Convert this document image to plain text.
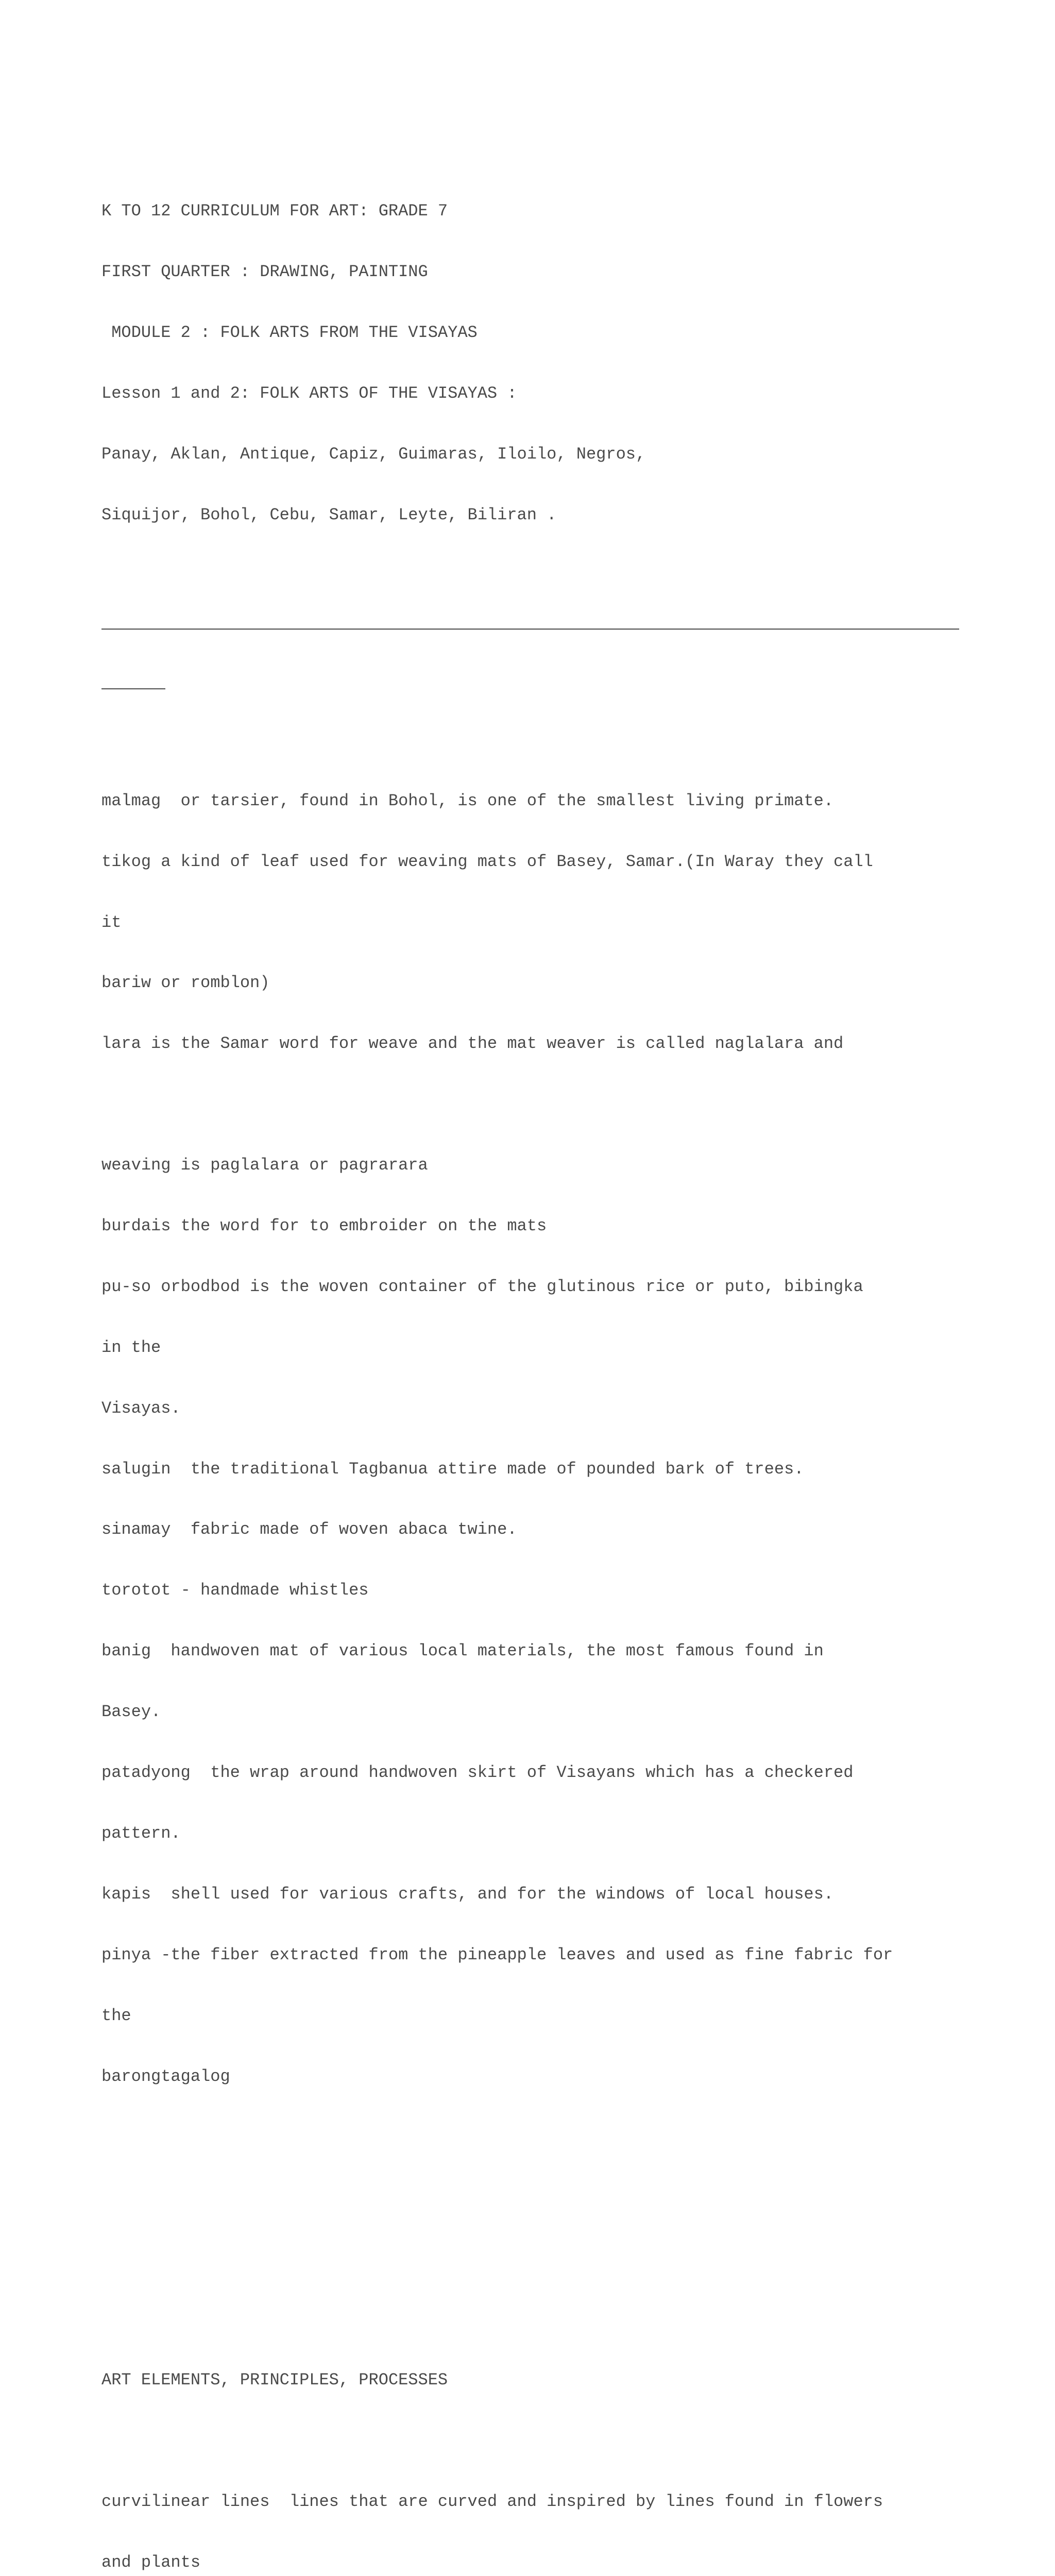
K TO 12 CURRICULUM FOR ART: GRADE 7

FIRST QUARTER : DRAWING, PAINTING

MODULE 2 : FOLK ARTS FROM THE VISAYAS

Lesson 1 and 2: FOLK ARTS OF THE VISAYAS :

Panay, Aklan, Antique, Capiz, Guimaras, Iloilo, Negros,

Siquijor, Bohol, Cebu, Samar, Leyte, Biliran .

malmag  or tarsier, found in Bohol, is one of the smallest living primate.

tikog a kind of leaf used for weaving mats of Basey, Samar.(In Waray they call

it

bariw or romblon)

lara is the Samar word for weave and the mat weaver is called naglalara and

weaving is paglalara or pagrarara

burdais the word for to embroider on the mats

pu-so orbodbod is the woven container of the glutinous rice or puto, bibingka

in the

Visayas.

salugin  the traditional Tagbanua attire made of pounded bark of trees.

sinamay  fabric made of woven abaca twine.

torotot - handmade whistles

banig  handwoven mat of various local materials, the most famous found in

Basey.

patadyong  the wrap around handwoven skirt of Visayans which has a checkered

pattern.

kapis  shell used for various crafts, and for the windows of local houses.

pinya -the fiber extracted from the pineapple leaves and used as fine fabric for

the

barongtagalog

ART ELEMENTS, PRINCIPLES, PROCESSES

curvilinear lines  lines that are curved and inspired by lines found in flowers

and plants
